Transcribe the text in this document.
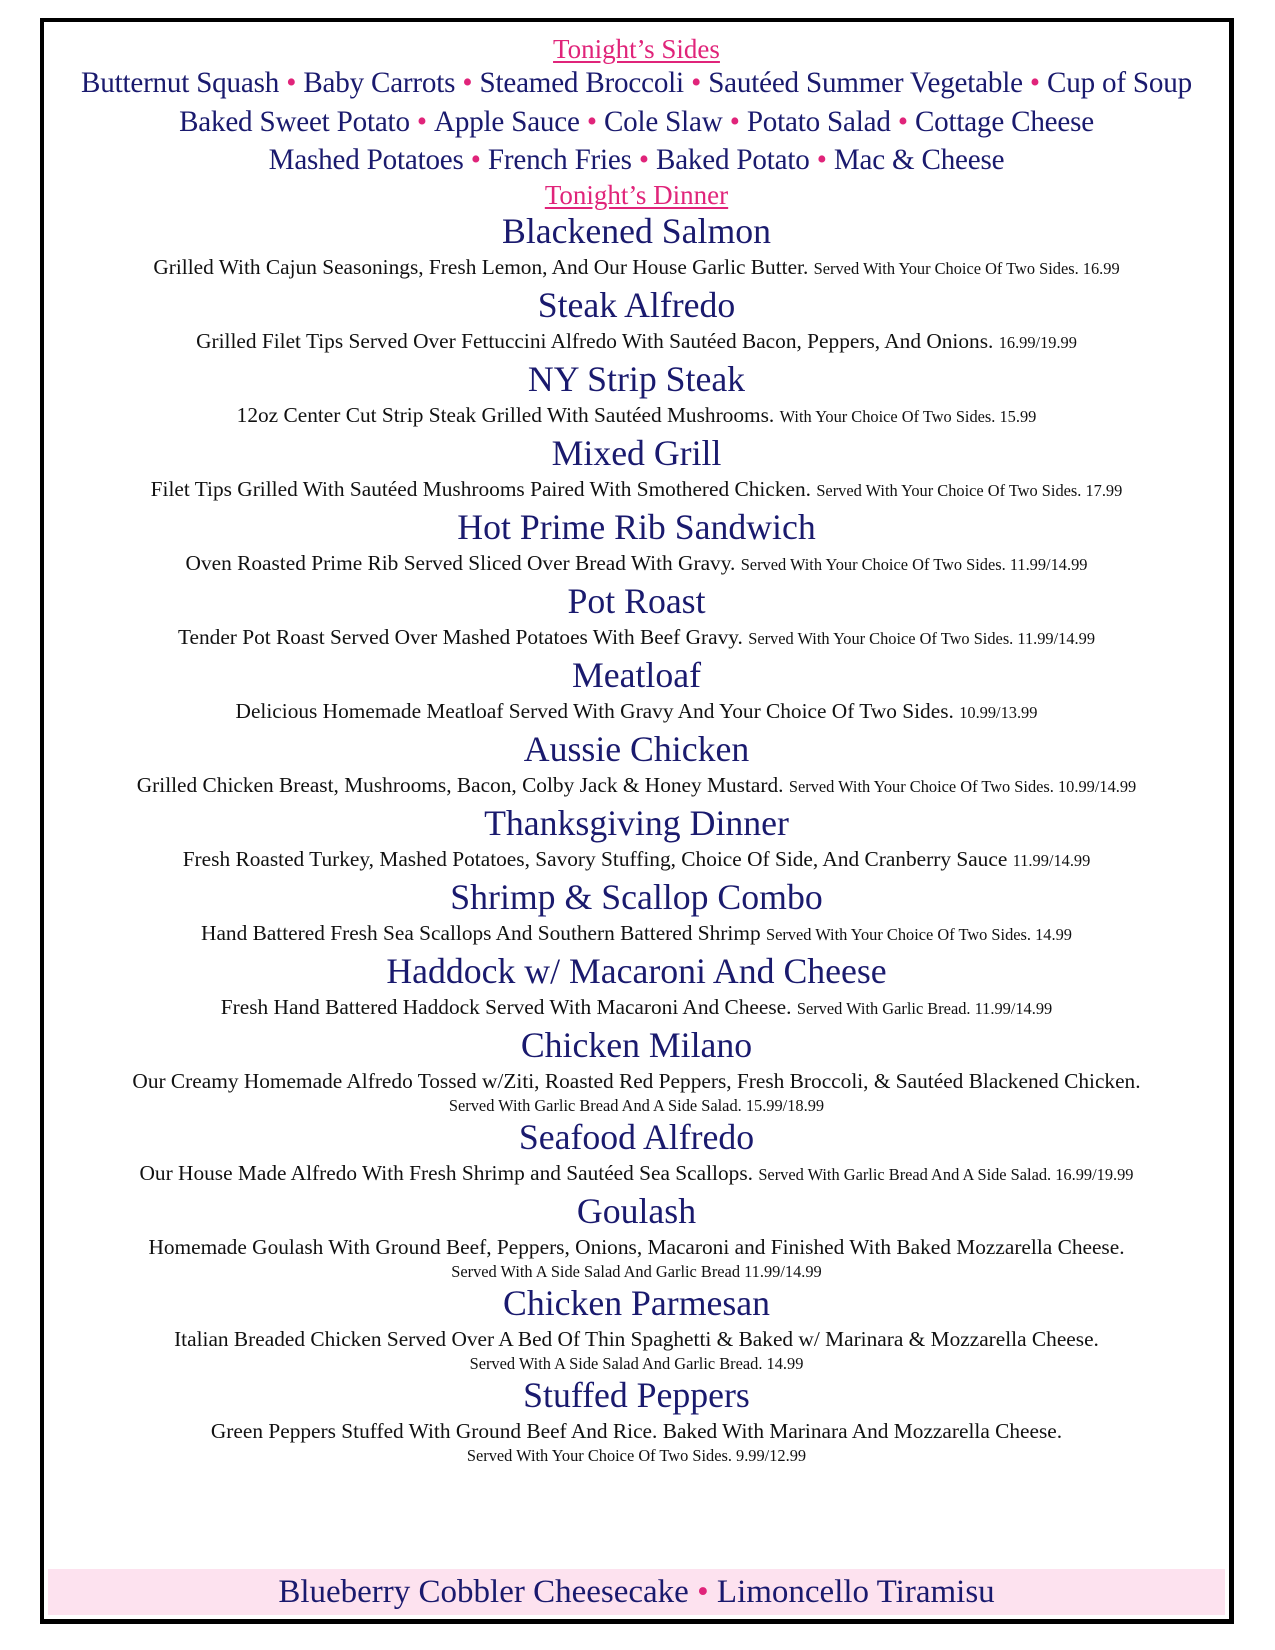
Tonight’s Sides

Butternut Squash • Baby Carrots • Steamed Broccoli • Sautéed Summer Vegetable • Cup of Soup
Baked Sweet Potato • Apple Sauce • Cole Slaw • Potato Salad • Cottage Cheese
Mashed Potatoes • French Fries • Baked Potato • Mac & Cheese

Tonight’s Dinner

Blackened Salmon
Grilled With Cajun Seasonings, Fresh Lemon, And Our House Garlic Butter. Served With Your Choice Of Two Sides. 16.99
Steak Alfredo
Grilled Filet Tips Served Over Fettuccini Alfredo With Sautéed Bacon, Peppers, And Onions. 16.99/19.99
NY Strip Steak
12oz Center Cut Strip Steak Grilled With Sautéed Mushrooms. With Your Choice Of Two Sides. 15.99
Mixed Grill
Filet Tips Grilled With Sautéed Mushrooms Paired With Smothered Chicken. Served With Your Choice Of Two Sides. 17.99
Hot Prime Rib Sandwich
Oven Roasted Prime Rib Served Sliced Over Bread With Gravy. Served With Your Choice Of Two Sides. 11.99/14.99
Pot Roast
Tender Pot Roast Served Over Mashed Potatoes With Beef Gravy. Served With Your Choice Of Two Sides. 11.99/14.99
Meatloaf
Delicious Homemade Meatloaf Served With Gravy And Your Choice Of Two Sides. 10.99/13.99
Aussie Chicken
Grilled Chicken Breast, Mushrooms, Bacon, Colby Jack & Honey Mustard. Served With Your Choice Of Two Sides. 10.99/14.99
Thanksgiving Dinner
Fresh Roasted Turkey, Mashed Potatoes, Savory Stuffing, Choice Of Side, And Cranberry Sauce 11.99/14.99
Shrimp & Scallop Combo
Hand Battered Fresh Sea Scallops And Southern Battered Shrimp Served With Your Choice Of Two Sides. 14.99
Haddock w/ Macaroni And Cheese
Fresh Hand Battered Haddock Served With Macaroni And Cheese. Served With Garlic Bread. 11.99/14.99
Chicken Milano
Our Creamy Homemade Alfredo Tossed w/Ziti, Roasted Red Peppers, Fresh Broccoli, & Sautéed Blackened Chicken.
Served With Garlic Bread And A Side Salad. 15.99/18.99
Seafood Alfredo
Our House Made Alfredo With Fresh Shrimp and Sautéed Sea Scallops. Served With Garlic Bread And A Side Salad. 16.99/19.99
Goulash
Homemade Goulash With Ground Beef, Peppers, Onions, Macaroni and Finished With Baked Mozzarella Cheese.
Served With A Side Salad And Garlic Bread 11.99/14.99
Chicken Parmesan
Italian Breaded Chicken Served Over A Bed Of Thin Spaghetti & Baked w/ Marinara & Mozzarella Cheese.
Served With A Side Salad And Garlic Bread. 14.99
Stuffed Peppers
Green Peppers Stuffed With Ground Beef And Rice. Baked With Marinara And Mozzarella Cheese.
Served With Your Choice Of Two Sides. 9.99/12.99
Blueberry Cobbler Cheesecake • Limoncello Tiramisu
